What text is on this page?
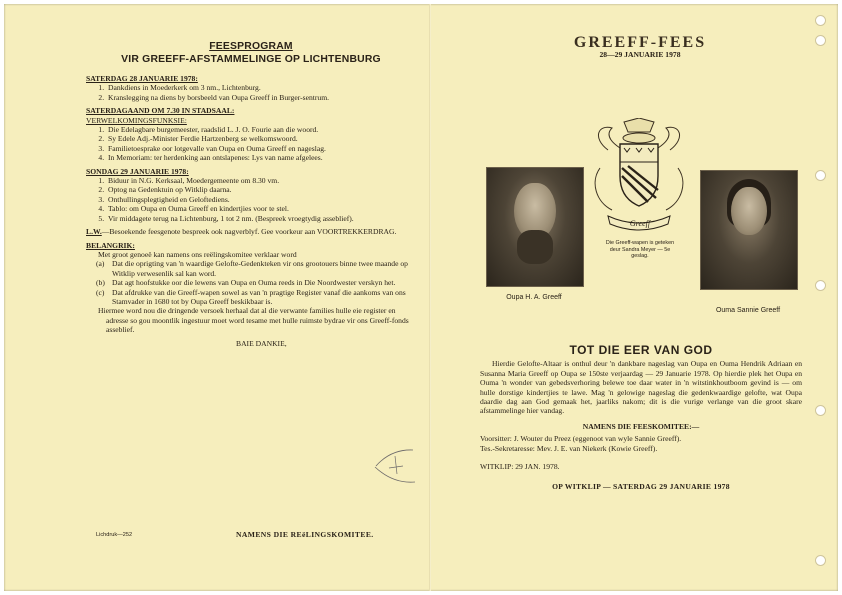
FEESPROGRAM
VIR GREEFF-AFSTAMMELINGE OP LICHTENBURG
SATERDAG 28 JANUARIE 1978:
1. Dankdiens in Moederkerk om 3 nm., Lichtenburg.
2. Kranslegging na diens by borsbeeld van Oupa Greeff in Burger-sentrum.
SATERDAGAAND OM 7.30 IN STADSAAL:
VERWELKOMINGSFUNKSIE:
1. Die Edelagbare burgemeester, raadslid L. J. O. Fourie aan die woord.
2. Sy Edele Adj.-Minister Ferdie Hartzenberg se welkomswoord.
3. Familietoesprake oor lotgevalle van Oupa en Ouma Greeff en nageslag.
4. In Memoriam: ter herdenking aan ontslapenes: Lys van name afgelees.
SONDAG 29 JANUARIE 1978:
1. Biduur in N.G. Kerksaal, Moedergemeente om 8.30 vm.
2. Optog na Gedenktuin op Witklip daarna.
3. Onthullingsplegtigheid en Geloftediens.
4. Tablo: om Oupa en Ouma Greeff en kindertjies voor te stel.
5. Vir middagete terug na Lichtenburg, 1 tot 2 nm. (Bespreek vroegtydig asseblief).
L.W.—Besoekende feesgenote bespreek ook nagverblyf. Gee voorkeur aan VOORTREKKERDRAG.
BELANGRIK:
Met groot genoeë kan namens ons reëlingskomitee verklaar word
(a) Dat die oprigting van 'n waardige Gelofte-Gedenkteken vir ons grootouers binne twee maande op Witklip verwesenlik sal kan word.
(b) Dat agt hoofstukke oor die lewens van Oupa en Ouma reeds in Die Noordwester verskyn het.
(c) Dat afdrukke van die Greeff-wapen sowel as van 'n pragtige Register vanaf die aankoms van ons Stamvader in 1680 tot by Oupa Greeff beskikbaar is.
Hiermee word nou die dringende versoek herhaal dat al die verwante families hulle eie register en adresse so gou moontlik ingestuur moet word tesame met hulle ruimste bydrae vir ons Greeff-fonds asseblief.
BAIE DANKIE,
Lichdruk—252	NAMENS DIE REëLINGSKOMITEE.
GREEFF-FEES
28—29 JANUARIE 1978
Greeff
Die Greeff-wapen is geteken deur Sandra Meyer — 5e geslag.
Oupa H. A. Greeff
Ouma Sannie Greeff
TOT DIE EER VAN GOD
Hierdie Gelofte-Altaar is onthul deur 'n dankbare nageslag van Oupa en Ouma Hendrik Adriaan en Susanna Maria Greeff op Oupa se 150ste verjaardag — 29 Januarie 1978. Op hierdie plek het Oupa en Ouma 'n wonder van gebedsverhoring belewe toe daar water in 'n witstinkhoutboom gevind is — om hulle dorstige kindertjies te lawe. Mag 'n gelowige nageslag die gedenkwaardige gelofte, wat Oupa daardie dag aan God gemaak het, jaarliks nakom; dit is die vurige verlange van die groot skare afstammelinge hier vandag.
NAMENS DIE FEESKOMITEE:—
Voorsitter: J. Wouter du Preez (eggenoot van wyle Sannie Greeff).
Tes.-Sekretaresse: Mev. J. E. van Niekerk (Kowie Greeff).
WITKLIP: 29 JAN. 1978.
OP WITKLIP — SATERDAG 29 JANUARIE 1978
